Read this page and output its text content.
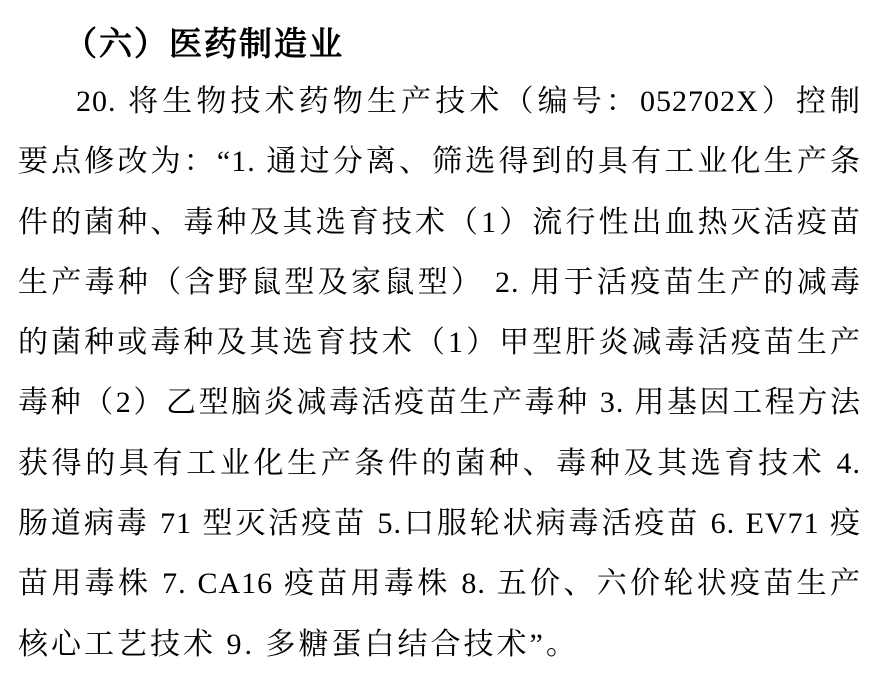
（六）医药制造业
20. 将生物技术药物生产技术（编号：052702X）控制
要点修改为：“1. 通过分离、筛选得到的具有工业化生产条
件的菌种、毒种及其选育技术（1）流行性出血热灭活疫苗
生产毒种（含野鼠型及家鼠型） 2. 用于活疫苗生产的减毒
的菌种或毒种及其选育技术（1）甲型肝炎减毒活疫苗生产
毒种（2）乙型脑炎减毒活疫苗生产毒种 3. 用基因工程方法
获得的具有工业化生产条件的菌种、毒种及其选育技术 4.
肠道病毒 71 型灭活疫苗 5.口服轮状病毒活疫苗 6. EV71 疫
苗用毒株 7. CA16 疫苗用毒株 8. 五价、六价轮状疫苗生产
核心工艺技术 9. 多糖蛋白结合技术”。
